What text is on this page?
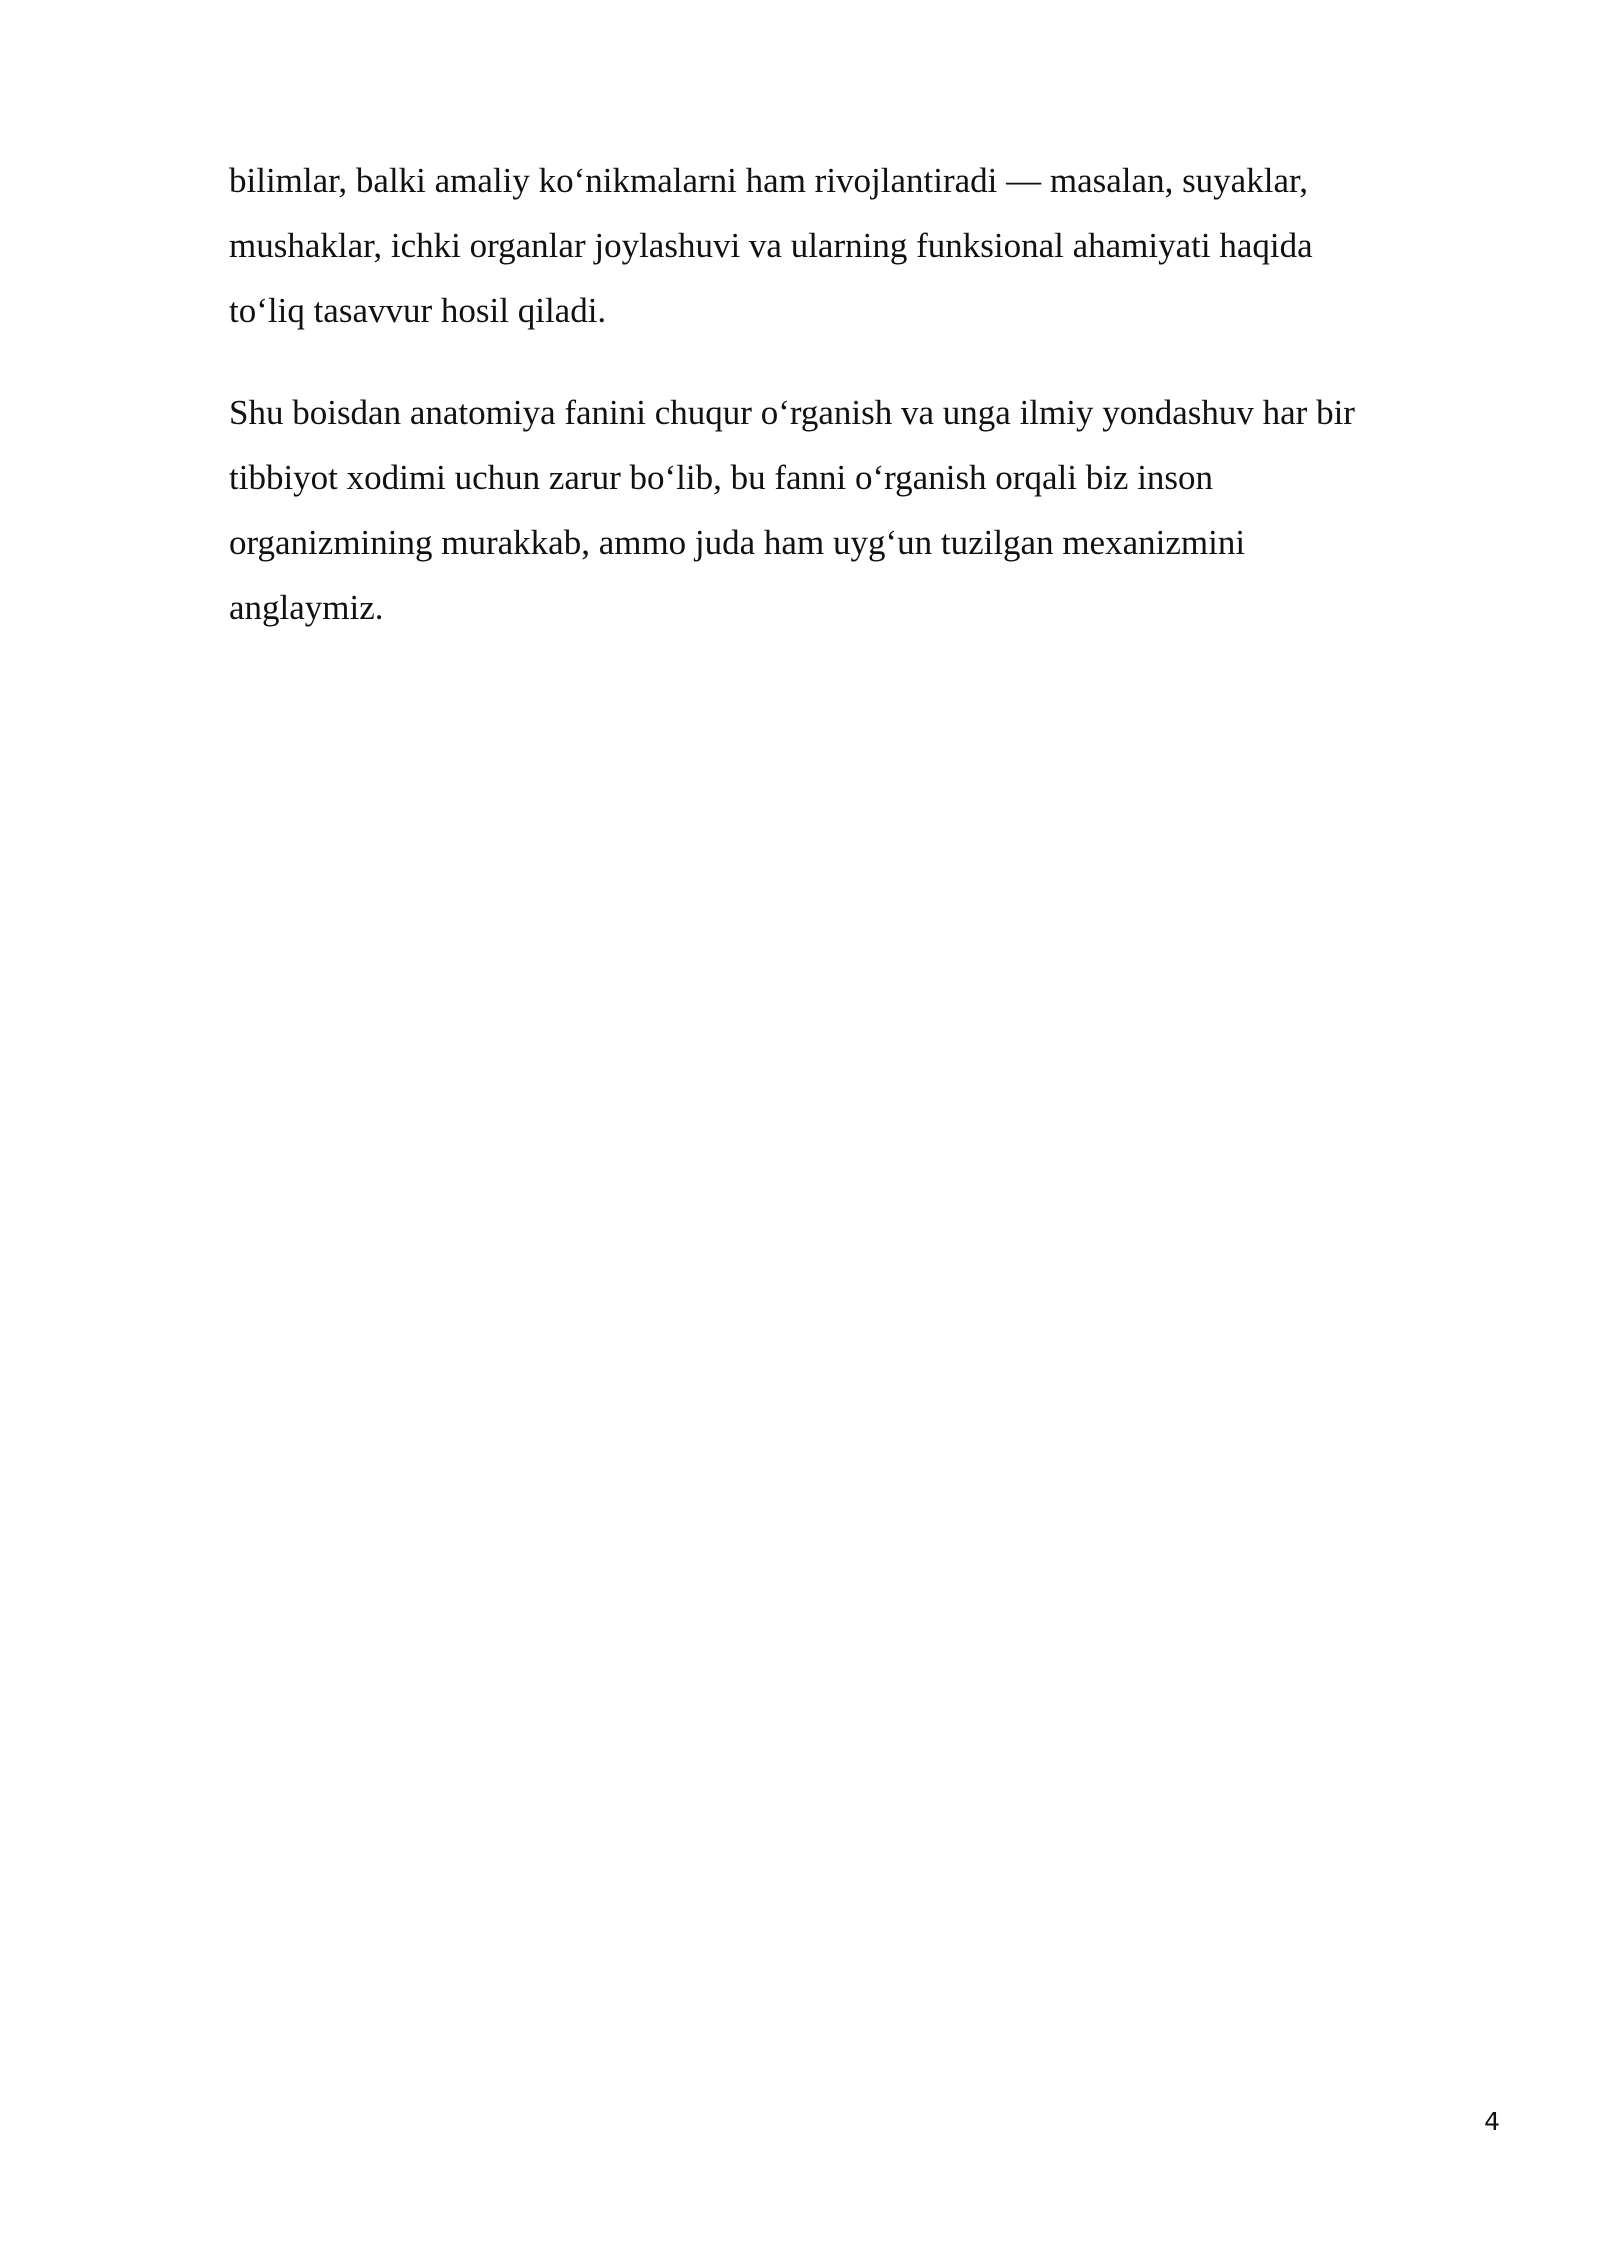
bilimlar, balki amaliy ko‘nikmalarni ham rivojlantiradi — masalan, suyaklar,
mushaklar, ichki organlar joylashuvi va ularning funksional ahamiyati haqida
to‘liq tasavvur hosil qiladi.

Shu boisdan anatomiya fanini chuqur o‘rganish va unga ilmiy yondashuv har bir
tibbiyot xodimi uchun zarur bo‘lib, bu fanni o‘rganish orqali biz inson
organizmining murakkab, ammo juda ham uyg‘un tuzilgan mexanizmini
anglaymiz.

4
